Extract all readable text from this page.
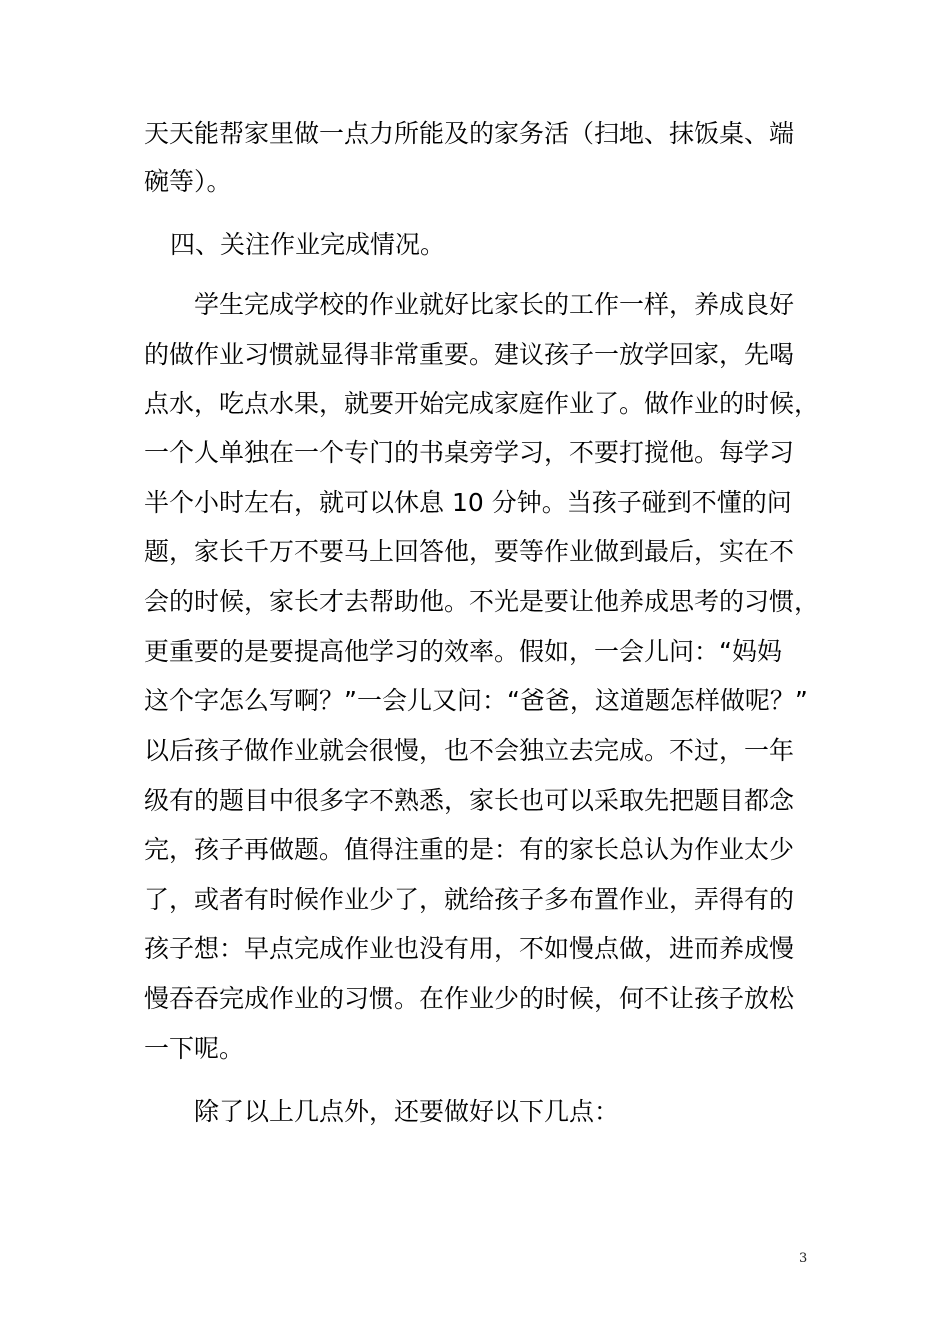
天天能帮家里做一点力所能及的家务活（扫地、抹饭桌、端
碗等）。
四、关注作业完成情况。
学生完成学校的作业就好比家长的工作一样，养成良好
的做作业习惯就显得非常重要。建议孩子一放学回家，先喝
点水，吃点水果，就要开始完成家庭作业了。做作业的时候，
一个人单独在一个专门的书桌旁学习，不要打搅他。每学习
半个小时左右，就可以休息 10 分钟。当孩子碰到不懂的问
题，家长千万不要马上回答他，要等作业做到最后，实在不
会的时候，家长才去帮助他。不光是要让他养成思考的习惯，
更重要的是要提高他学习的效率。假如，一会儿问：“妈妈
这个字怎么写啊？”一会儿又问：“爸爸，这道题怎样做呢？”
以后孩子做作业就会很慢，也不会独立去完成。不过，一年
级有的题目中很多字不熟悉，家长也可以采取先把题目都念
完，孩子再做题。值得注重的是：有的家长总认为作业太少
了，或者有时候作业少了，就给孩子多布置作业，弄得有的
孩子想：早点完成作业也没有用，不如慢点做，进而养成慢
慢吞吞完成作业的习惯。在作业少的时候，何不让孩子放松
一下呢。
除了以上几点外，还要做好以下几点：
3
